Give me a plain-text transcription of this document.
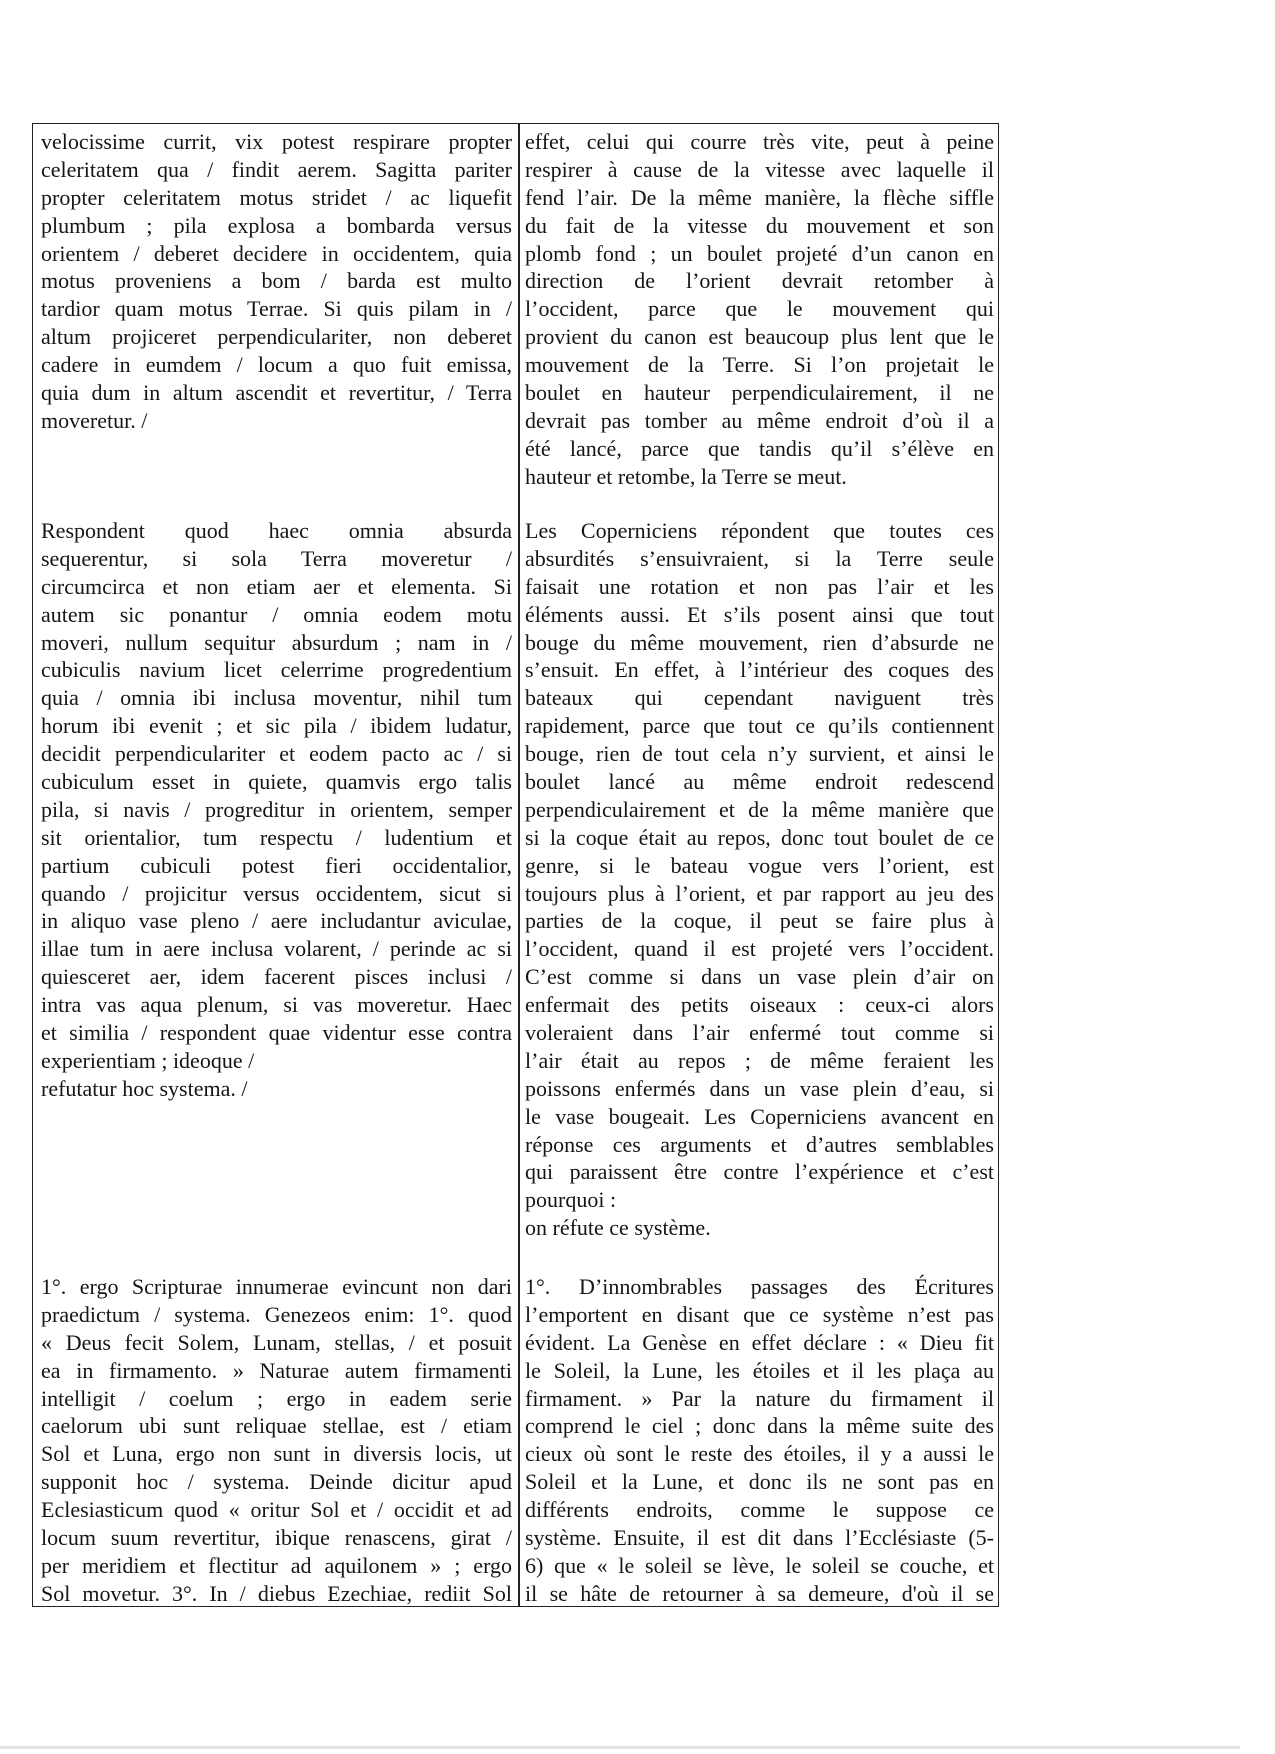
velocissime currit, vix potest respirare propter
celeritatem qua / findit aerem. Sagitta pariter
propter celeritatem motus stridet / ac liquefit
plumbum ; pila explosa a bombarda versus
orientem / deberet decidere in occidentem, quia
motus proveniens a bom / barda est multo
tardior quam motus Terrae. Si quis pilam in /
altum projiceret perpendiculariter, non deberet
cadere in eumdem / locum a quo fuit emissa,
quia dum in altum ascendit et revertitur, / Terra
moveretur. /
effet, celui qui courre très vite, peut à peine
respirer à cause de la vitesse avec laquelle il
fend l’air. De la même manière, la flèche siffle
du fait de la vitesse du mouvement et son
plomb fond ; un boulet projeté d’un canon en
direction de l’orient devrait retomber à
l’occident, parce que le mouvement qui
provient du canon est beaucoup plus lent que le
mouvement de la Terre. Si l’on projetait le
boulet en hauteur perpendiculairement, il ne
devrait pas tomber au même endroit d’où il a
été lancé, parce que tandis qu’il s’élève en
hauteur et retombe, la Terre se meut.
Respondent quod haec omnia absurda
sequerentur, si sola Terra moveretur /
circumcirca et non etiam aer et elementa. Si
autem sic ponantur / omnia eodem motu
moveri, nullum sequitur absurdum ; nam in /
cubiculis navium licet celerrime progredentium
quia / omnia ibi inclusa moventur, nihil tum
horum ibi evenit ; et sic pila / ibidem ludatur,
decidit perpendiculariter et eodem pacto ac / si
cubiculum esset in quiete, quamvis ergo talis
pila, si navis / progreditur in orientem, semper
sit orientalior, tum respectu / ludentium et
partium cubiculi potest fieri occidentalior,
quando / projicitur versus occidentem, sicut si
in aliquo vase pleno / aere includantur aviculae,
illae tum in aere inclusa volarent, / perinde ac si
quiesceret aer, idem facerent pisces inclusi /
intra vas aqua plenum, si vas moveretur. Haec
et similia / respondent quae videntur esse contra
experientiam ; ideoque /
refutatur hoc systema. /
Les Coperniciens répondent que toutes ces
absurdités s’ensuivraient, si la Terre seule
faisait une rotation et non pas l’air et les
éléments aussi. Et s’ils posent ainsi que tout
bouge du même mouvement, rien d’absurde ne
s’ensuit. En effet, à l’intérieur des coques des
bateaux qui cependant naviguent très
rapidement, parce que tout ce qu’ils contiennent
bouge, rien de tout cela n’y survient, et ainsi le
boulet lancé au même endroit redescend
perpendiculairement et de la même manière que
si la coque était au repos, donc tout boulet de ce
genre, si le bateau vogue vers l’orient, est
toujours plus à l’orient, et par rapport au jeu des
parties de la coque, il peut se faire plus à
l’occident, quand il est projeté vers l’occident.
C’est comme si dans un vase plein d’air on
enfermait des petits oiseaux : ceux-ci alors
voleraient dans l’air enfermé tout comme si
l’air était au repos ; de même feraient les
poissons enfermés dans un vase plein d’eau, si
le vase bougeait. Les Coperniciens avancent en
réponse ces arguments et d’autres semblables
qui paraissent être contre l’expérience et c’est
pourquoi :
on réfute ce système.
1°. ergo Scripturae innumerae evincunt non dari
praedictum / systema. Genezeos enim: 1°. quod
« Deus fecit Solem, Lunam, stellas, / et posuit
ea in firmamento. » Naturae autem firmamenti
intelligit / coelum ; ergo in eadem serie
caelorum ubi sunt reliquae stellae, est / etiam
Sol et Luna, ergo non sunt in diversis locis, ut
supponit hoc / systema. Deinde dicitur apud
Eclesiasticum quod « oritur Sol et / occidit et ad
locum suum revertitur, ibique renascens, girat /
per meridiem et flectitur ad aquilonem » ; ergo
Sol movetur. 3°. In / diebus Ezechiae, rediit Sol
1°. D’innombrables passages des Écritures
l’emportent en disant que ce système n’est pas
évident. La Genèse en effet déclare : « Dieu fit
le Soleil, la Lune, les étoiles et il les plaça au
firmament. » Par la nature du firmament il
comprend le ciel ; donc dans la même suite des
cieux où sont le reste des étoiles, il y a aussi le
Soleil et la Lune, et donc ils ne sont pas en
différents endroits, comme le suppose ce
système. Ensuite, il est dit dans l’Ecclésiaste (5-
6) que « le soleil se lève, le soleil se couche, et
il se hâte de retourner à sa demeure, d'où il se
